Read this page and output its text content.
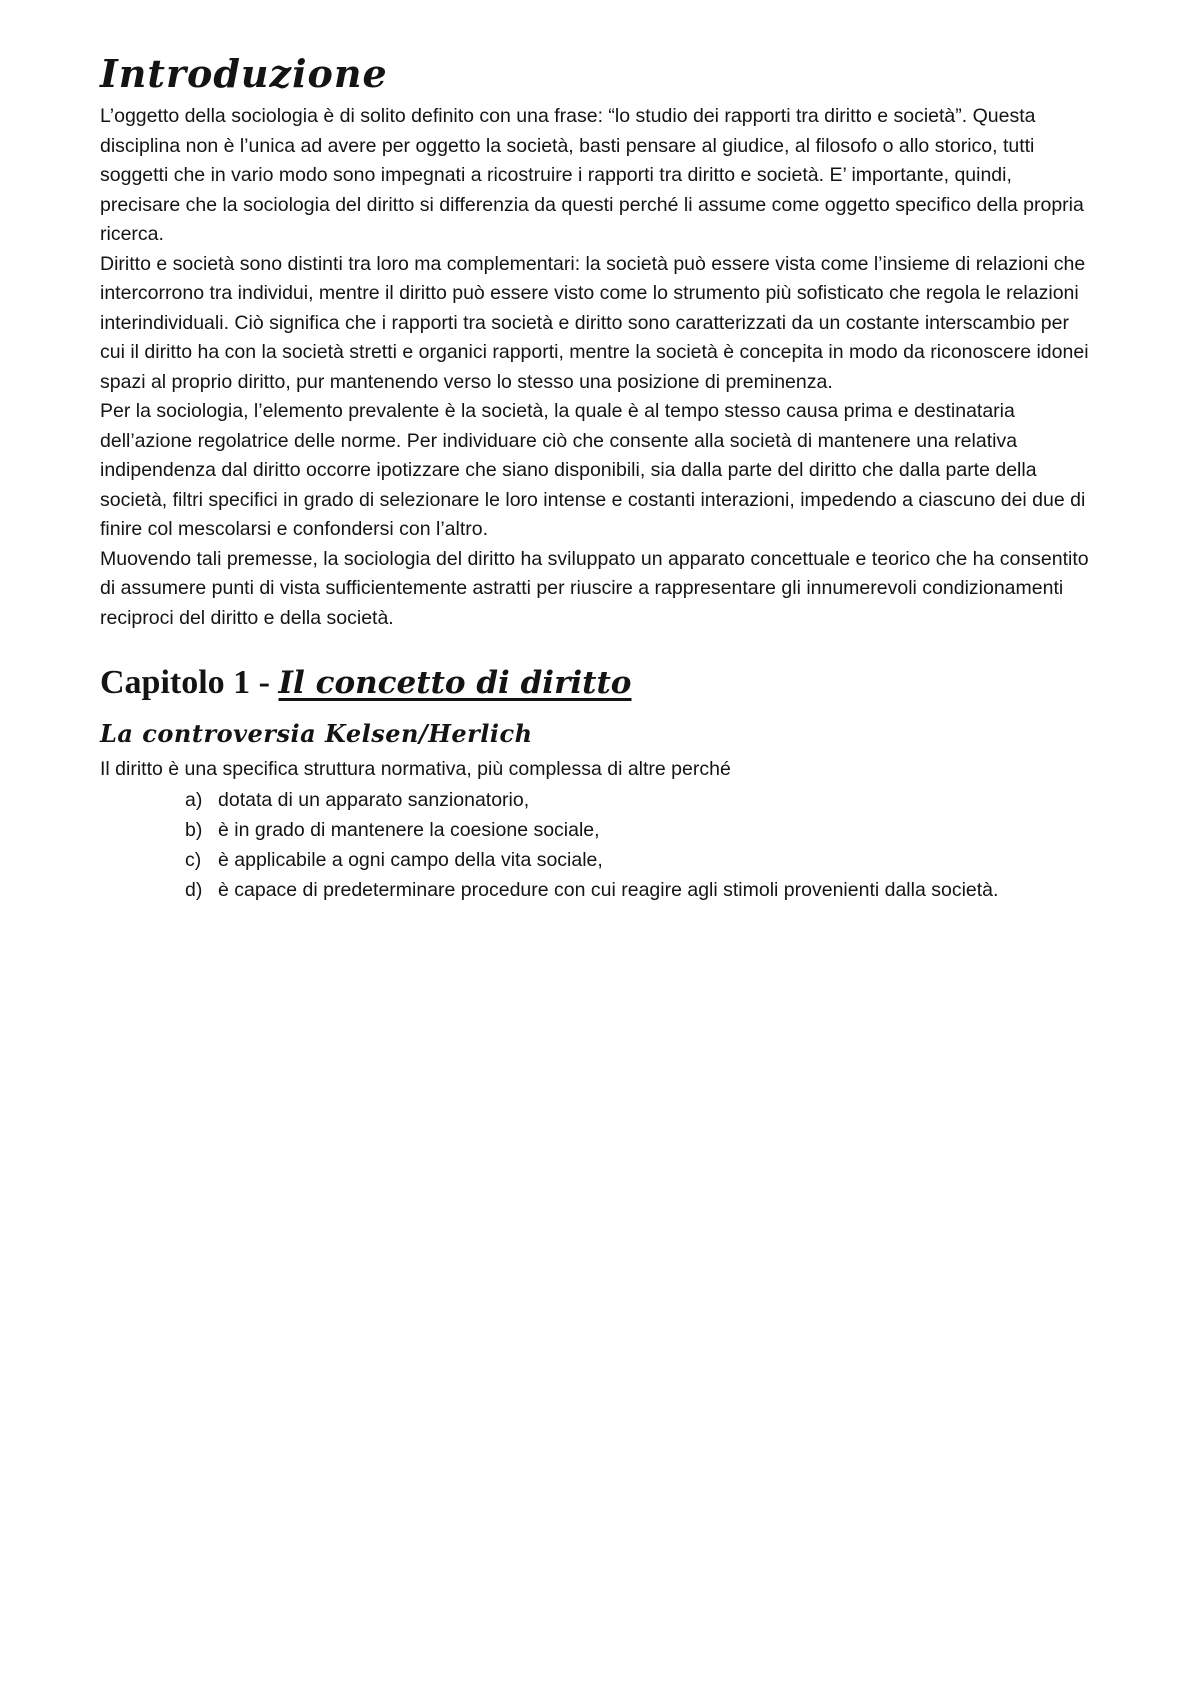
Introduzione

L’oggetto della sociologia è di solito definito con una frase: “lo studio dei rapporti tra diritto e società”. Questa disciplina non è l’unica ad avere per oggetto la società, basti pensare al giudice, al filosofo o allo storico, tutti soggetti che in vario modo sono impegnati a ricostruire i rapporti tra diritto e società. E’ importante, quindi, precisare che la sociologia del diritto si differenzia da questi perché li assume come oggetto specifico della propria ricerca.

Diritto e società sono distinti tra loro ma complementari: la società può essere vista come l’insieme di relazioni che intercorrono tra individui, mentre il diritto può essere visto come lo strumento più sofisticato che regola le relazioni interindividuali. Ciò significa che i rapporti tra società e diritto sono caratterizzati da un costante interscambio per cui il diritto ha con la società stretti e organici rapporti, mentre la società è concepita in modo da riconoscere idonei spazi al proprio diritto, pur mantenendo verso lo stesso una posizione di preminenza.

Per la sociologia, l’elemento prevalente è la società, la quale è al tempo stesso causa prima e destinataria dell’azione regolatrice delle norme. Per individuare ciò che consente alla società di mantenere una relativa indipendenza dal diritto occorre ipotizzare che siano disponibili, sia dalla parte del diritto che dalla parte della società, filtri specifici in grado di selezionare le loro intense e costanti interazioni, impedendo a ciascuno dei due di finire col mescolarsi e confondersi con l’altro.

Muovendo tali premesse, la sociologia del diritto ha sviluppato un apparato concettuale e teorico che ha consentito di assumere punti di vista sufficientemente astratti per riuscire a rappresentare gli innumerevoli condizionamenti reciproci del diritto e della società.

Capitolo 1 - Il concetto di diritto
La controversia Kelsen/Herlich

Il diritto è una specifica struttura normativa, più complessa di altre perché

a) dotata di un apparato sanzionatorio,
b) è in grado di mantenere la coesione sociale,
c) è applicabile a ogni campo della vita sociale,
d) è capace di predeterminare procedure con cui reagire agli stimoli provenienti dalla società.
